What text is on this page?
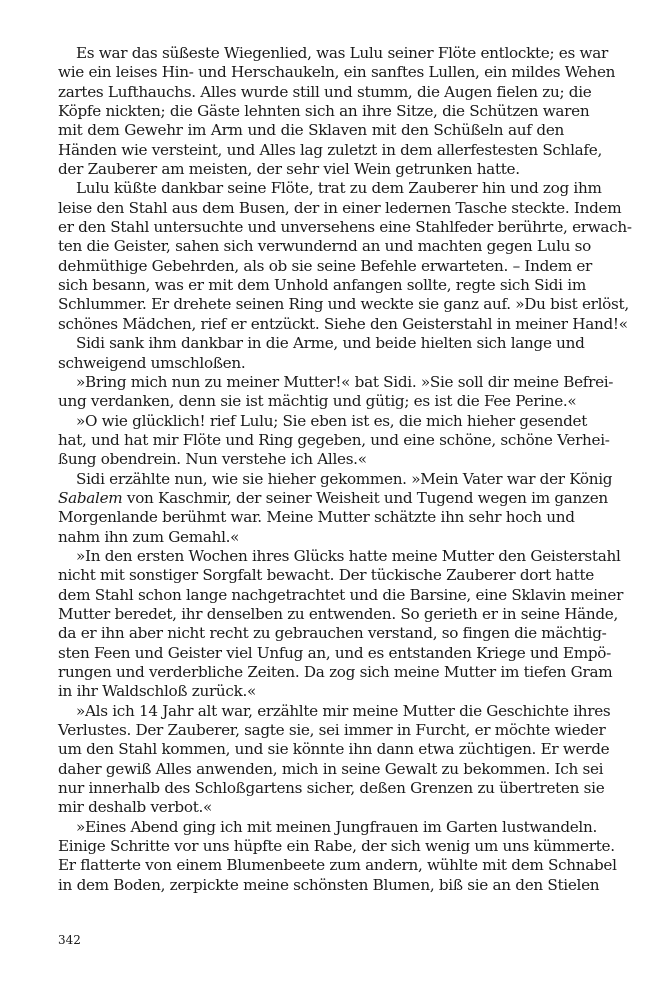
Es war das süßeste Wiegenlied, was Lulu seiner Flöte entlockte; es war
wie ein leises Hin- und Herschaukeln, ein sanftes Lullen, ein mildes Wehen
zartes Lufthauchs. Alles wurde still und stumm, die Augen fielen zu; die
Köpfe nickten; die Gäste lehnten sich an ihre Sitze, die Schützen waren
mit dem Gewehr im Arm und die Sklaven mit den Schüßeln auf den
Händen wie versteint, und Alles lag zuletzt in dem allerfestesten Schlafe,
der Zauberer am meisten, der sehr viel Wein getrunken hatte.
Lulu küßte dankbar seine Flöte, trat zu dem Zauberer hin und zog ihm
leise den Stahl aus dem Busen, der in einer ledernen Tasche steckte. Indem
er den Stahl untersuchte und unversehens eine Stahlfeder berührte, erwach-
ten die Geister, sahen sich verwundernd an und machten gegen Lulu so
dehmüthige Gebehrden, als ob sie seine Befehle erwarteten. – Indem er
sich besann, was er mit dem Unhold anfangen sollte, regte sich Sidi im
Schlummer. Er drehete seinen Ring und weckte sie ganz auf. »Du bist erlöst,
schönes Mädchen, rief er entzückt. Siehe den Geisterstahl in meiner Hand!«
Sidi sank ihm dankbar in die Arme, und beide hielten sich lange und
schweigend umschloßen.
»Bring mich nun zu meiner Mutter!« bat Sidi. »Sie soll dir meine Befrei-
ung verdanken, denn sie ist mächtig und gütig; es ist die Fee Perine.«
»O wie glücklich! rief Lulu; Sie eben ist es, die mich hieher gesendet
hat, und hat mir Flöte und Ring gegeben, und eine schöne, schöne Verhei-
ßung obendrein. Nun verstehe ich Alles.«
Sidi erzählte nun, wie sie hieher gekommen. »Mein Vater war der König
Sabalem von Kaschmir, der seiner Weisheit und Tugend wegen im ganzen
Morgenlande berühmt war. Meine Mutter schätzte ihn sehr hoch und
nahm ihn zum Gemahl.«
»In den ersten Wochen ihres Glücks hatte meine Mutter den Geisterstahl
nicht mit sonstiger Sorgfalt bewacht. Der tückische Zauberer dort hatte
dem Stahl schon lange nachgetrachtet und die Barsine, eine Sklavin meiner
Mutter beredet, ihr denselben zu entwenden. So gerieth er in seine Hände,
da er ihn aber nicht recht zu gebrauchen verstand, so fingen die mächtig-
sten Feen und Geister viel Unfug an, und es entstanden Kriege und Empö-
rungen und verderbliche Zeiten. Da zog sich meine Mutter im tiefen Gram
in ihr Waldschloß zurück.«
»Als ich 14 Jahr alt war, erzählte mir meine Mutter die Geschichte ihres
Verlustes. Der Zauberer, sagte sie, sei immer in Furcht, er möchte wieder
um den Stahl kommen, und sie könnte ihn dann etwa züchtigen. Er werde
daher gewiß Alles anwenden, mich in seine Gewalt zu bekommen. Ich sei
nur innerhalb des Schloßgartens sicher, deßen Grenzen zu übertreten sie
mir deshalb verbot.«
»Eines Abend ging ich mit meinen Jungfrauen im Garten lustwandeln.
Einige Schritte vor uns hüpfte ein Rabe, der sich wenig um uns kümmerte.
Er flatterte von einem Blumenbeete zum andern, wühlte mit dem Schnabel
in dem Boden, zerpickte meine schönsten Blumen, biß sie an den Stielen
342
